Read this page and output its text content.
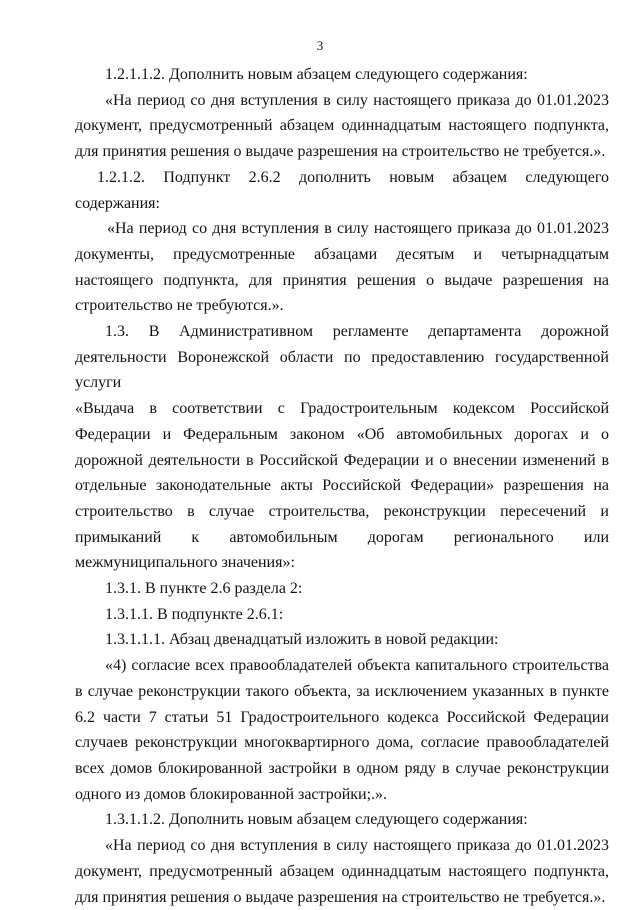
3

1.2.1.1.2. Дополнить новым абзацем следующего содержания:

«На период со дня вступления в силу настоящего приказа до 01.01.2023 документ, предусмотренный абзацем одиннадцатым настоящего подпункта, для принятия решения о выдаче разрешения на строительство не требуется.».

1.2.1.2. Подпункт 2.6.2 дополнить новым абзацем следующего содержания:

«На период со дня вступления в силу настоящего приказа до 01.01.2023 документы, предусмотренные абзацами десятым и четырнадцатым настоящего подпункта, для принятия решения о выдаче разрешения на строительство не требуются.».

1.3. В Административном регламенте департамента дорожной

деятельности Воронежской области по предоставлению государственной услуги

«Выдача в соответствии с Градостроительным кодексом Российской Федерации и Федеральным законом «Об автомобильных дорогах и о дорожной деятельности в Российской Федерации и о внесении изменений в отдельные законодательные акты Российской Федерации» разрешения на строительство в случае строительства, реконструкции пересечений и примыканий к автомобильным дорогам регионального или межмуниципального значения»:

1.3.1. В пункте 2.6 раздела 2:

1.3.1.1. В подпункте 2.6.1:

1.3.1.1.1. Абзац двенадцатый изложить в новой редакции:

«4) согласие всех правообладателей объекта капитального строительства в случае реконструкции такого объекта, за исключением указанных в пункте 6.2 части 7 статьи 51 Градостроительного кодекса Российской Федерации случаев реконструкции многоквартирного дома, согласие правообладателей всех домов блокированной застройки в одном ряду в случае реконструкции одного из домов блокированной застройки;.».

1.3.1.1.2. Дополнить новым абзацем следующего содержания:

«На период со дня вступления в силу настоящего приказа до 01.01.2023 документ, предусмотренный абзацем одиннадцатым настоящего подпункта, для принятия решения о выдаче разрешения на строительство не требуется.».
